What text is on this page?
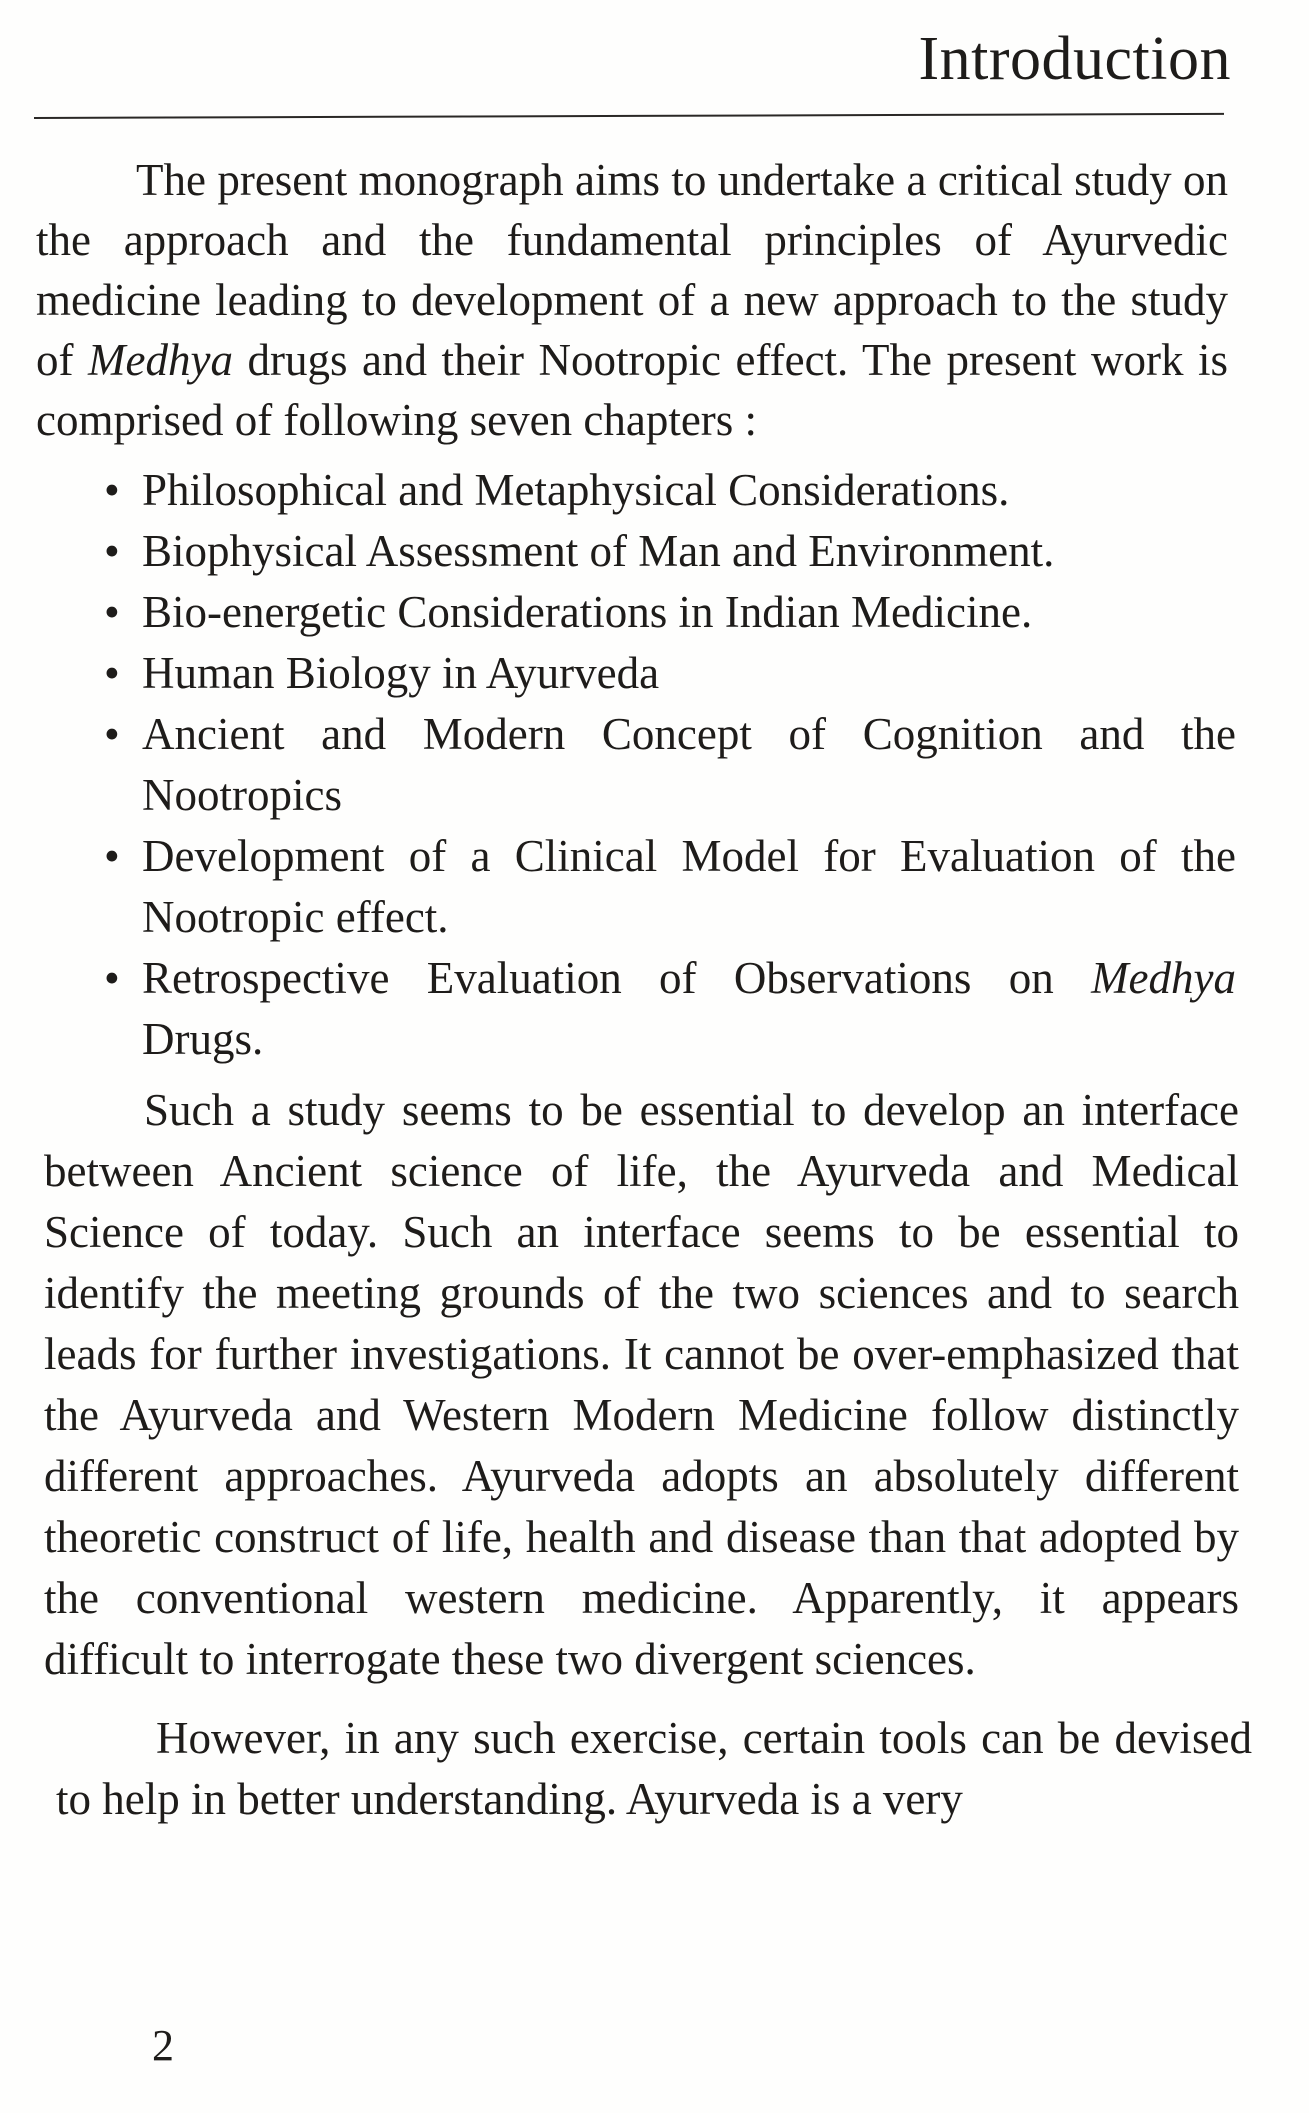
Introduction

The present monograph aims to undertake a critical study on the approach and the fundamental principles of Ayurvedic medicine leading to development of a new approach to the study of Medhya drugs and their Nootropic effect. The present work is comprised of following seven chapters :

• Philosophical and Metaphysical Considerations.
• Biophysical Assessment of Man and Environment.
• Bio-energetic Considerations in Indian Medicine.
• Human Biology in Ayurveda
• Ancient and Modern Concept of Cognition and the Nootropics
• Development of a Clinical Model for Evaluation of the Nootropic effect.
• Retrospective Evaluation of Observations on Medhya Drugs.

Such a study seems to be essential to develop an interface between Ancient science of life, the Ayurveda and Medical Science of today. Such an interface seems to be essential to identify the meeting grounds of the two sciences and to search leads for further investigations. It cannot be over-emphasized that the Ayurveda and Western Modern Medicine follow distinctly different approaches. Ayurveda adopts an absolutely different theoretic construct of life, health and disease than that adopted by the conventional western medicine. Apparently, it appears difficult to interrogate these two divergent sciences.

However, in any such exercise, certain tools can be devised to help in better understanding. Ayurveda is a very

2
